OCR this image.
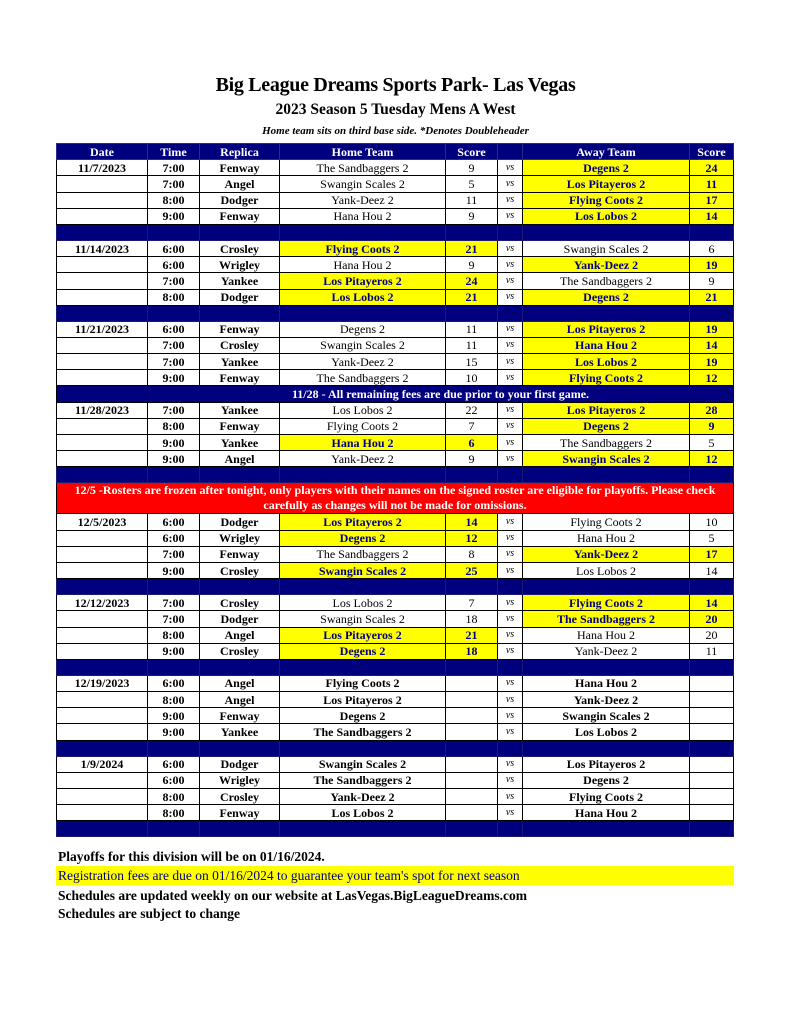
Big League Dreams Sports Park- Las Vegas
2023 Season 5 Tuesday Mens A West
Home team sits on third base side. *Denotes Doubleheader
Date	Time	Replica	Home Team	Score		Away Team	Score
11/7/2023	7:00	Fenway	The Sandbaggers 2	9	vs	Degens 2	24
	7:00	Angel	Swangin Scales 2	5	vs	Los Pitayeros 2	11
	8:00	Dodger	Yank-Deez 2	11	vs	Flying Coots 2	17
	9:00	Fenway	Hana Hou 2	9	vs	Los Lobos 2	14

11/14/2023	6:00	Crosley	Flying Coots 2	21	vs	Swangin Scales 2	6
	6:00	Wrigley	Hana Hou 2	9	vs	Yank-Deez 2	19
	7:00	Yankee	Los Pitayeros 2	24	vs	The Sandbaggers 2	9
	8:00	Dodger	Los Lobos 2	21	vs	Degens 2	21

11/21/2023	6:00	Fenway	Degens 2	11	vs	Los Pitayeros 2	19
	7:00	Crosley	Swangin Scales 2	11	vs	Hana Hou 2	14
	7:00	Yankee	Yank-Deez 2	15	vs	Los Lobos 2	19
	9:00	Fenway	The Sandbaggers 2	10	vs	Flying Coots 2	12
	11/28 - All remaining fees are due prior to your first game.						
11/28/2023	7:00	Yankee	Los Lobos 2	22	vs	Los Pitayeros 2	28
	8:00	Fenway	Flying Coots 2	7	vs	Degens 2	9
	9:00	Yankee	Hana Hou 2	6	vs	The Sandbaggers 2	5
	9:00	Angel	Yank-Deez 2	9	vs	Swangin Scales 2	12

12/5 -Rosters are frozen after tonight, only players with their names on the signed roster are eligible for playoffs. Please check carefully as changes will not be made for omissions.							
12/5/2023	6:00	Dodger	Los Pitayeros 2	14	vs	Flying Coots 2	10
	6:00	Wrigley	Degens 2	12	vs	Hana Hou 2	5
	7:00	Fenway	The Sandbaggers 2	8	vs	Yank-Deez 2	17
	9:00	Crosley	Swangin Scales 2	25	vs	Los Lobos 2	14

12/12/2023	7:00	Crosley	Los Lobos 2	7	vs	Flying Coots 2	14
	7:00	Dodger	Swangin Scales 2	18	vs	The Sandbaggers 2	20
	8:00	Angel	Los Pitayeros 2	21	vs	Hana Hou 2	20
	9:00	Crosley	Degens 2	18	vs	Yank-Deez 2	11

12/19/2023	6:00	Angel	Flying Coots 2		vs	Hana Hou 2	
	8:00	Angel	Los Pitayeros 2		vs	Yank-Deez 2	
	9:00	Fenway	Degens 2		vs	Swangin Scales 2	
	9:00	Yankee	The Sandbaggers 2		vs	Los Lobos 2	

1/9/2024	6:00	Dodger	Swangin Scales 2		vs	Los Pitayeros 2	
	6:00	Wrigley	The Sandbaggers 2		vs	Degens 2	
	8:00	Crosley	Yank-Deez 2		vs	Flying Coots 2	
	8:00	Fenway	Los Lobos 2		vs	Hana Hou 2	

Playoffs for this division will be on 01/16/2024.
Registration fees are due on 01/16/2024 to guarantee your team's spot for next season
Schedules are updated weekly on our website at LasVegas.BigLeagueDreams.com
Schedules are subject to change
